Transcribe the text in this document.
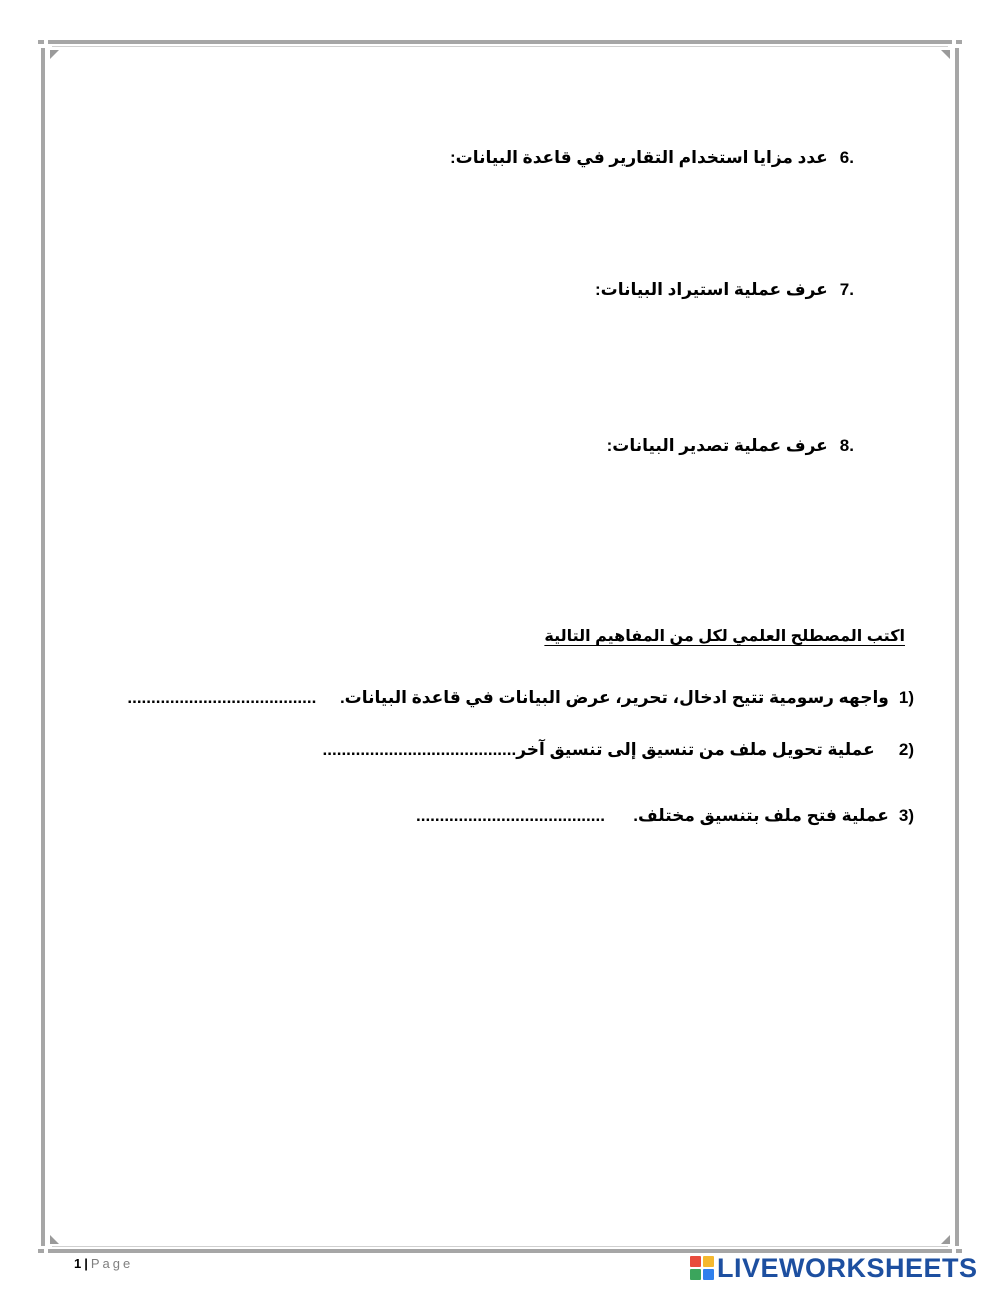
.6عدد مزايا استخدام التقارير في قاعدة البيانات:
.7عرف عملية استيراد البيانات:
.8عرف عملية تصدير البيانات:
اكتب المصطلح العلمي لكل من المفاهيم التالية
(1واجهه رسومية تتيح ادخال، تحرير، عرض البيانات في قاعدة البيانات.     ........................................
(2   عملية تحويل ملف من تنسيق إلى تنسيق آخر.........................................
(3عملية فتح ملف بتنسيق مختلف.      ........................................
1 | Page	LIVEWORKSHEETS
